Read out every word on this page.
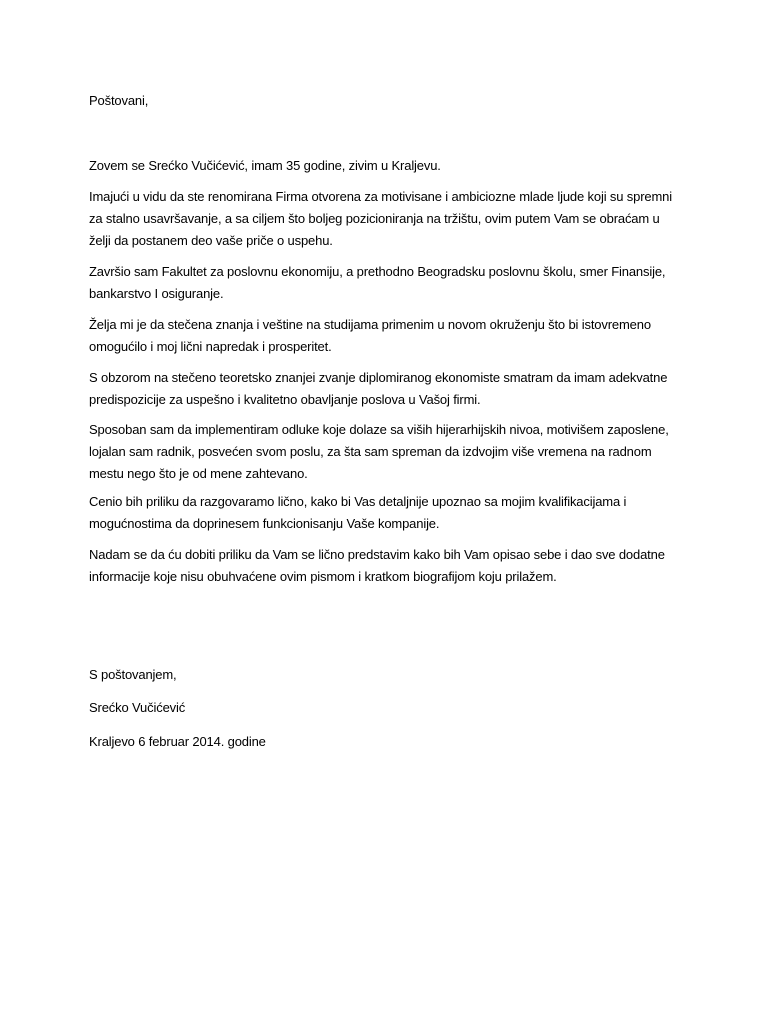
Poštovani,
Zovem se Srećko Vučićević, imam 35 godine, zivim u Kraljevu.
Imajući u vidu da ste renomirana Firma otvorena za motivisane i ambiciozne mlade ljude koji su spremni
za stalno usavršavanje, a sa ciljem što boljeg pozicioniranja na tržištu, ovim putem Vam se obraćam u
želji da postanem deo vaše priče o uspehu.
Završio sam Fakultet za poslovnu ekonomiju, a prethodno Beogradsku poslovnu školu, smer Finansije,
bankarstvo I osiguranje.
Želja mi je da stečena znanja i veštine na studijama primenim u novom okruženju što bi istovremeno
omogućilo i moj lični napredak i prosperitet.
S obzorom na stečeno teoretsko znanjei zvanje diplomiranog ekonomiste smatram da imam adekvatne
predispozicije za uspešno i kvalitetno obavljanje poslova u Vašoj firmi.
Sposoban sam da implementiram odluke koje dolaze sa viših hijerarhijskih nivoa, motivišem zaposlene,
lojalan sam radnik, posvećen svom poslu, za šta sam spreman da izdvojim više vremena na radnom
mestu nego što je od mene zahtevano.
Cenio bih priliku da razgovaramo lično, kako bi Vas detaljnije upoznao sa mojim kvalifikacijama i
mogućnostima da doprinesem funkcionisanju Vaše kompanije.
Nadam se da ću dobiti priliku da Vam se lično predstavim kako bih Vam opisao sebe i dao sve dodatne
informacije koje nisu obuhvaćene ovim pismom i kratkom biografijom koju prilažem.
S poštovanjem,
Srećko Vučićević
Kraljevo 6 februar 2014. godine
